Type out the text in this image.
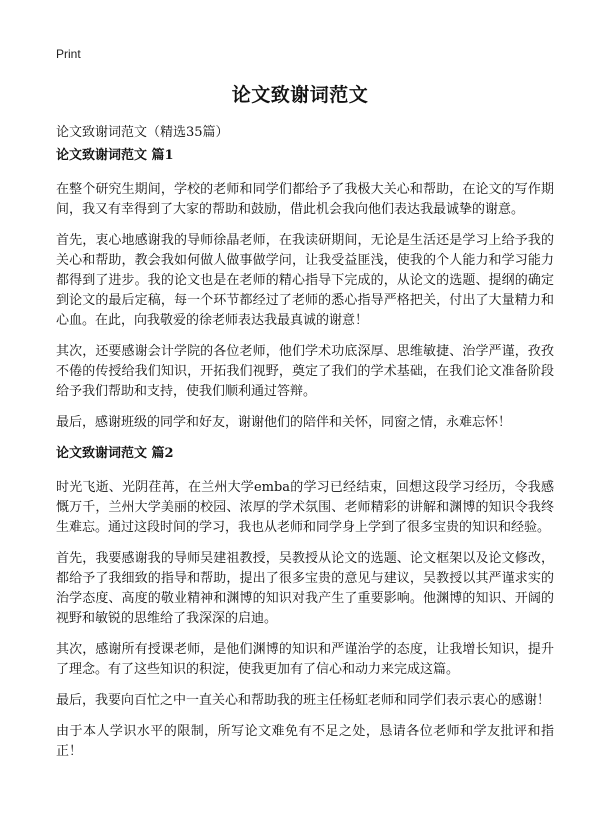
Print
论文致谢词范文
论文致谢词范文（精选35篇）
论文致谢词范文 篇1

在整个研究生期间，学校的老师和同学们都给予了我极大关心和帮助，在论文的写作期间，我又有幸得到了大家的帮助和鼓励，借此机会我向他们表达我最诚挚的谢意。

首先，衷心地感谢我的导师徐晶老师，在我读研期间，无论是生活还是学习上给予我的关心和帮助，教会我如何做人做事做学问，让我受益匪浅，使我的个人能力和学习能力都得到了进步。我的论文也是在老师的精心指导下完成的，从论文的选题、提纲的确定到论文的最后定稿，每一个环节都经过了老师的悉心指导严格把关，付出了大量精力和心血。在此，向我敬爱的徐老师表达我最真诚的谢意！

其次，还要感谢会计学院的各位老师，他们学术功底深厚、思维敏捷、治学严谨，孜孜不倦的传授给我们知识，开拓我们视野，奠定了我们的学术基础，在我们论文准备阶段给予我们帮助和支持，使我们顺利通过答辩。

最后，感谢班级的同学和好友，谢谢他们的陪伴和关怀，同窗之情，永难忘怀！

论文致谢词范文 篇2

时光飞逝、光阴荏苒，在兰州大学emba的学习已经结束，回想这段学习经历，令我感慨万千，兰州大学美丽的校园、浓厚的学术氛围、老师精彩的讲解和渊博的知识令我终生难忘。通过这段时间的学习，我也从老师和同学身上学到了很多宝贵的知识和经验。

首先，我要感谢我的导师吴建祖教授，吴教授从论文的选题、论文框架以及论文修改，都给予了我细致的指导和帮助，提出了很多宝贵的意见与建议，吴教授以其严谨求实的治学态度、高度的敬业精神和渊博的知识对我产生了重要影响。他渊博的知识、开阔的视野和敏锐的思维给了我深深的启迪。

其次，感谢所有授课老师，是他们渊博的知识和严谨治学的态度，让我增长知识，提升了理念。有了这些知识的积淀，使我更加有了信心和动力来完成这篇。

最后，我要向百忙之中一直关心和帮助我的班主任杨虹老师和同学们表示衷心的感谢！

由于本人学识水平的限制，所写论文难免有不足之处，恳请各位老师和学友批评和指正！
